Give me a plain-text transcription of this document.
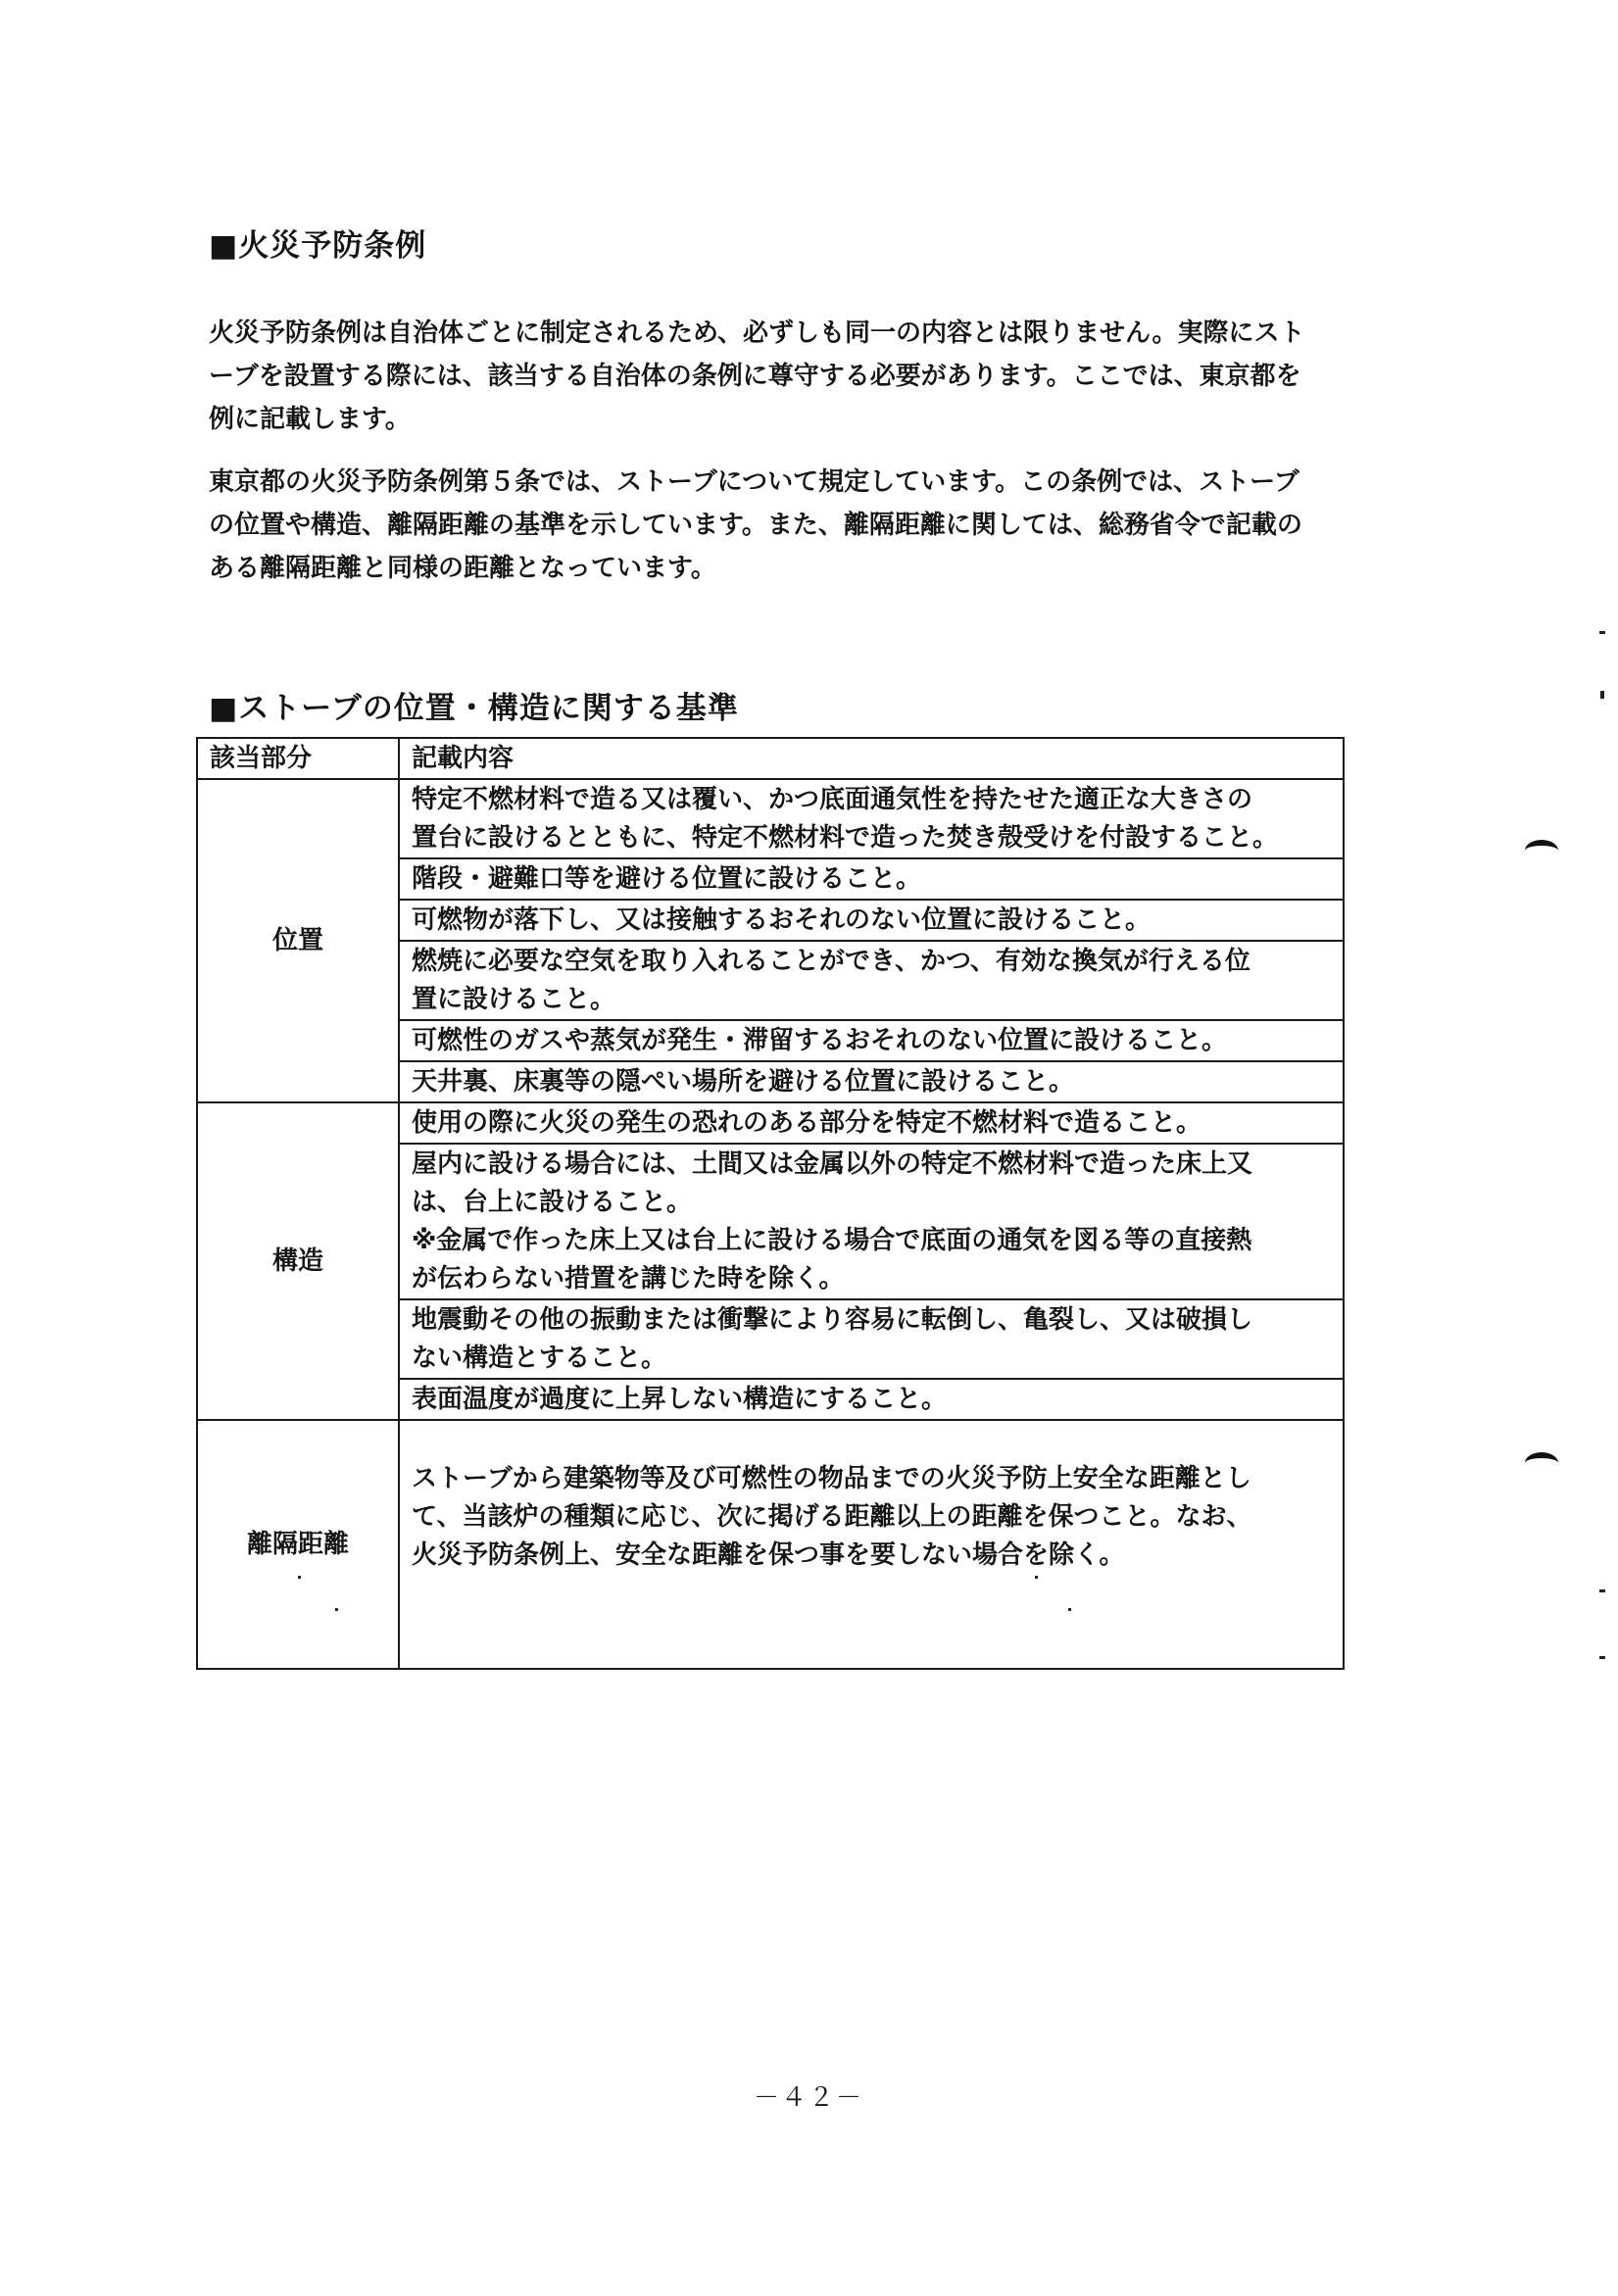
■火災予防条例
火災予防条例は自治体ごとに制定されるため、必ずしも同一の内容とは限りません。実際にスト
ーブを設置する際には、該当する自治体の条例に尊守する必要があります。ここでは、東京都を
例に記載します。
東京都の火災予防条例第５条では、ストーブについて規定しています。この条例では、ストーブ
の位置や構造、離隔距離の基準を示しています。また、離隔距離に関しては、総務省令で記載の
ある離隔距離と同様の距離となっています。
■ストーブの位置・構造に関する基準
該当部分	記載内容
位置	特定不燃材料で造る又は覆い、かつ底面通気性を持たせた適正な大きさの
置台に設けるとともに、特定不燃材料で造った焚き殻受けを付設すること。

	階段・避難口等を避ける位置に設けること。

	可燃物が落下し、又は接触するおそれのない位置に設けること。

	燃焼に必要な空気を取り入れることができ、かつ、有効な換気が行える位
置に設けること。

	可燃性のガスや蒸気が発生・滞留するおそれのない位置に設けること。

	天井裏、床裏等の隠ぺい場所を避ける位置に設けること。

構造	使用の際に火災の発生の恐れのある部分を特定不燃材料で造ること。

	屋内に設ける場合には、土間又は金属以外の特定不燃材料で造った床上又
は、台上に設けること。
※金属で作った床上又は台上に設ける場合で底面の通気を図る等の直接熱
が伝わらない措置を講じた時を除く。

	地震動その他の振動または衝撃により容易に転倒し、亀裂し、又は破損し
ない構造とすること。

	表面温度が過度に上昇しない構造にすること。

離隔距離	ストーブから建築物等及び可燃性の物品までの火災予防上安全な距離とし
て、当該炉の種類に応じ、次に掲げる距離以上の距離を保つこと。なお、
火災予防条例上、安全な距離を保つ事を要しない場合を除く。
－４２－
